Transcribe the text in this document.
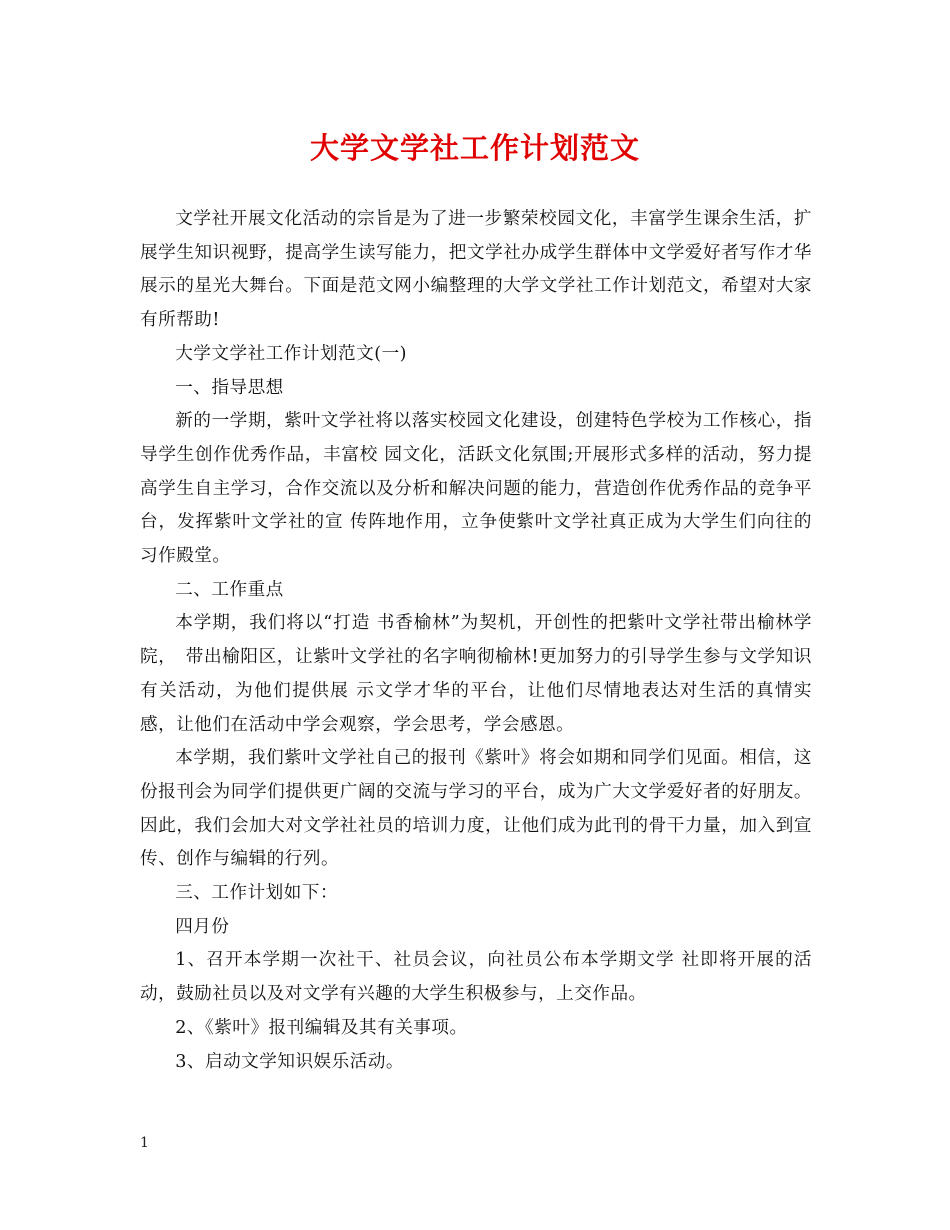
大学文学社工作计划范文

文学社开展文化活动的宗旨是为了进一步繁荣校园文化，丰富学生课余生活，扩展学生知识视野，提高学生读写能力，把文学社办成学生群体中文学爱好者写作才华展示的星光大舞台。下面是范文网小编整理的大学文学社工作计划范文，希望对大家有所帮助!

大学文学社工作计划范文(一)

一、指导思想

新的一学期，紫叶文学社将以落实校园文化建设，创建特色学校为工作核心，指导学生创作优秀作品，丰富校 园文化，活跃文化氛围;开展形式多样的活动，努力提高学生自主学习，合作交流以及分析和解决问题的能力，营造创作优秀作品的竞争平台，发挥紫叶文学社的宣 传阵地作用，立争使紫叶文学社真正成为大学生们向往的习作殿堂。

二、工作重点

本学期，我们将以“打造 书香榆林”为契机，开创性的把紫叶文学社带出榆林学院，　带出榆阳区，让紫叶文学社的名字响彻榆林!更加努力的引导学生参与文学知识有关活动，为他们提供展 示文学才华的平台，让他们尽情地表达对生活的真情实感，让他们在活动中学会观察，学会思考，学会感恩。

本学期，我们紫叶文学社自己的报刊《紫叶》将会如期和同学们见面。相信，这份报刊会为同学们提供更广阔的交流与学习的平台，成为广大文学爱好者的好朋友。因此，我们会加大对文学社社员的培训力度，让他们成为此刊的骨干力量，加入到宣传、创作与编辑的行列。

三、工作计划如下：

四月份

1、召开本学期一次社干、社员会议，向社员公布本学期文学 社即将开展的活动，鼓励社员以及对文学有兴趣的大学生积极参与，上交作品。

2、《紫叶》报刊编辑及其有关事项。

3、启动文学知识娱乐活动。

1
